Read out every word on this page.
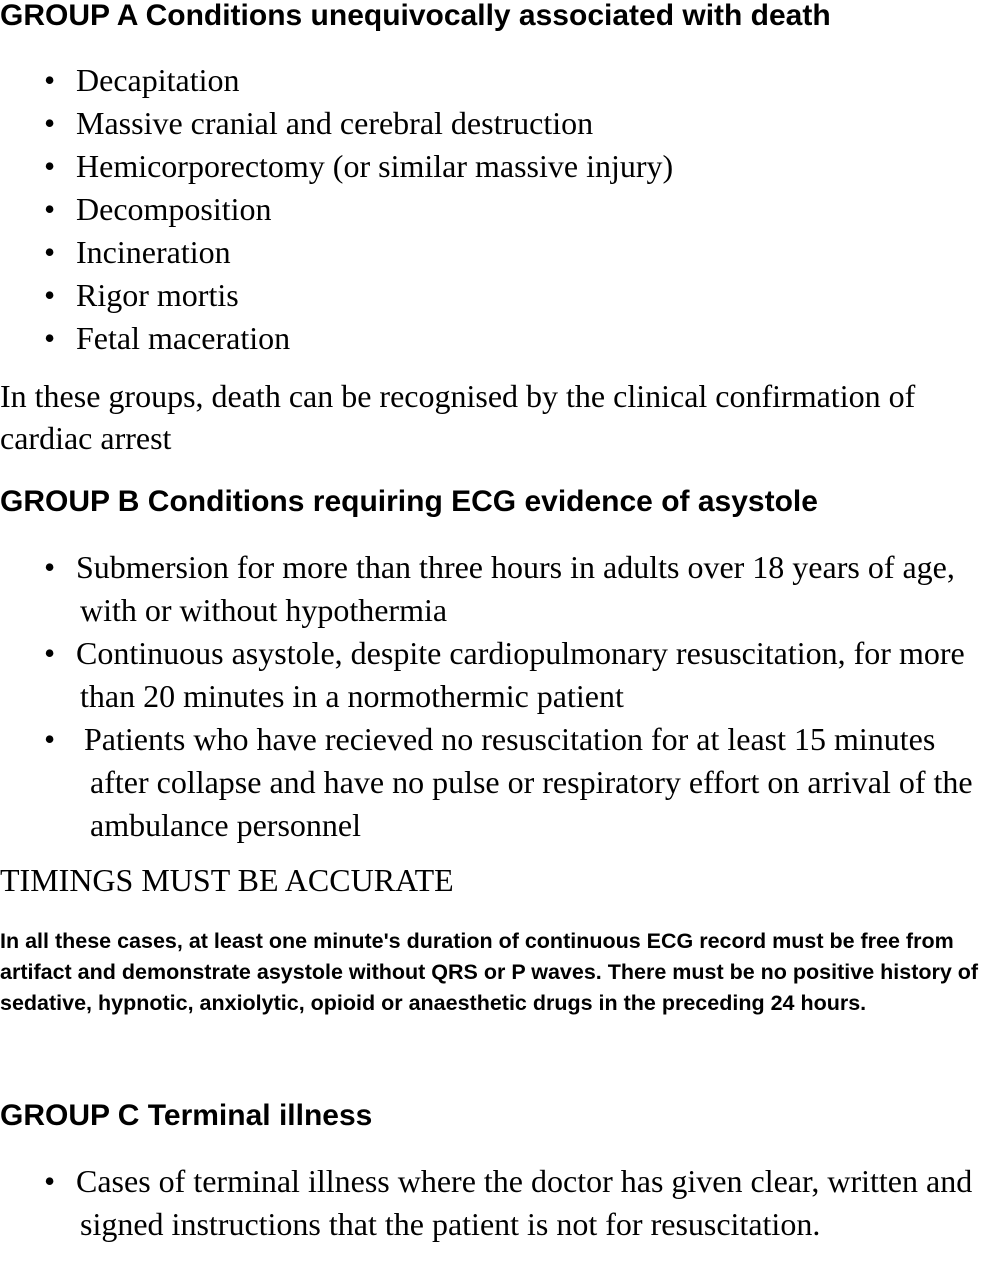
GROUP A Conditions unequivocally associated with death
• Decapitation
• Massive cranial and cerebral destruction
• Hemicorporectomy (or similar massive injury)
• Decomposition
• Incineration
• Rigor mortis
• Fetal maceration

In these groups, death can be recognised by the clinical confirmation of cardiac arrest

GROUP B Conditions requiring ECG evidence of asystole
• Submersion for more than three hours in adults over 18 years of age, with or without hypothermia
• Continuous asystole, despite cardiopulmonary resuscitation, for more than 20 minutes in a normothermic patient
• Patients who have recieved no resuscitation for at least 15 minutes after collapse and have no pulse or respiratory effort on arrival of the ambulance personnel

TIMINGS MUST BE ACCURATE

In all these cases, at least one minute's duration of continuous ECG record must be free from artifact and demonstrate asystole without QRS or P waves. There must be no positive history of sedative, hypnotic, anxiolytic, opioid or anaesthetic drugs in the preceding 24 hours.

GROUP C Terminal illness
• Cases of terminal illness where the doctor has given clear, written and signed instructions that the patient is not for resuscitation.
